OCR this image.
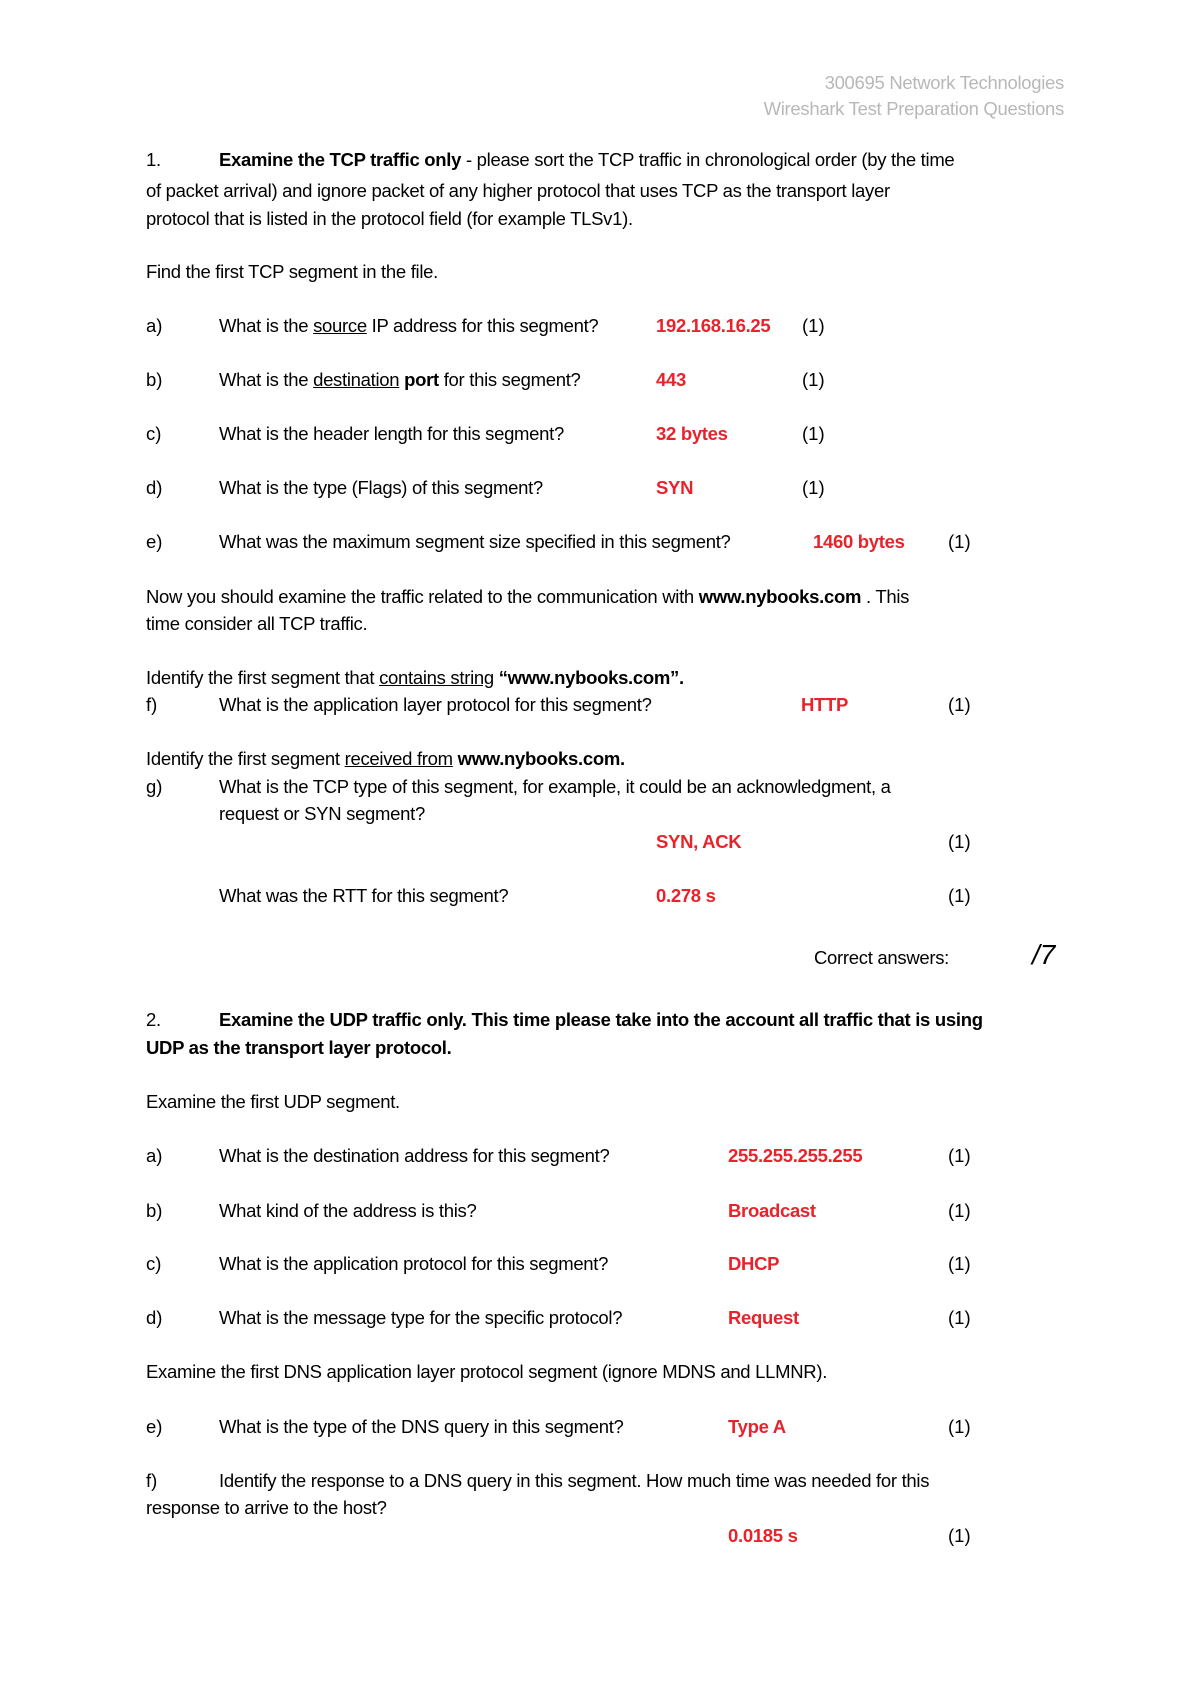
300695 Network Technologies
Wireshark Test Preparation Questions
1.	Examine the TCP traffic only - please sort the TCP traffic in chronological order (by the time
of packet arrival) and ignore packet of any higher protocol that uses TCP as the transport layer
protocol that is listed in the protocol field (for example TLSv1).
Find the first TCP segment in the file.
a)	What is the source IP address for this segment?	192.168.16.25 (1)
b)	What is the destination port for this segment?	443	(1)
c)	What is the header length for this segment?	32 bytes	(1)
d)	What is the type (Flags) of this segment?	SYN	(1)
e)	What was the maximum segment size specified in this segment?	1460 bytes (1)
Now you should examine the traffic related to the communication with www.nybooks.com . This
time consider all TCP traffic.
Identify the first segment that contains string “www.nybooks.com”.
f)	What is the application layer protocol for this segment?	HTTP	(1)
Identify the first segment received from www.nybooks.com.
g)	What is the TCP type of this segment, for example, it could be an acknowledgment, a
request or SYN segment?
SYN, ACK	(1)
What was the RTT for this segment?	0.278 s	(1)
Correct answers:	/7
2.	Examine the UDP traffic only. This time please take into the account all traffic that is using
UDP as the transport layer protocol.
Examine the first UDP segment.
a)	What is the destination address for this segment?	255.255.255.255	(1)
b)	What kind of the address is this?	Broadcast	(1)
c)	What is the application protocol for this segment?	DHCP	(1)
d)	What is the message type for the specific protocol?	Request	(1)
Examine the first DNS application layer protocol segment (ignore MDNS and LLMNR).
e)	What is the type of the DNS query in this segment?	Type A	(1)
f)	Identify the response to a DNS query in this segment. How much time was needed for this
response to arrive to the host?
0.0185 s	(1)
